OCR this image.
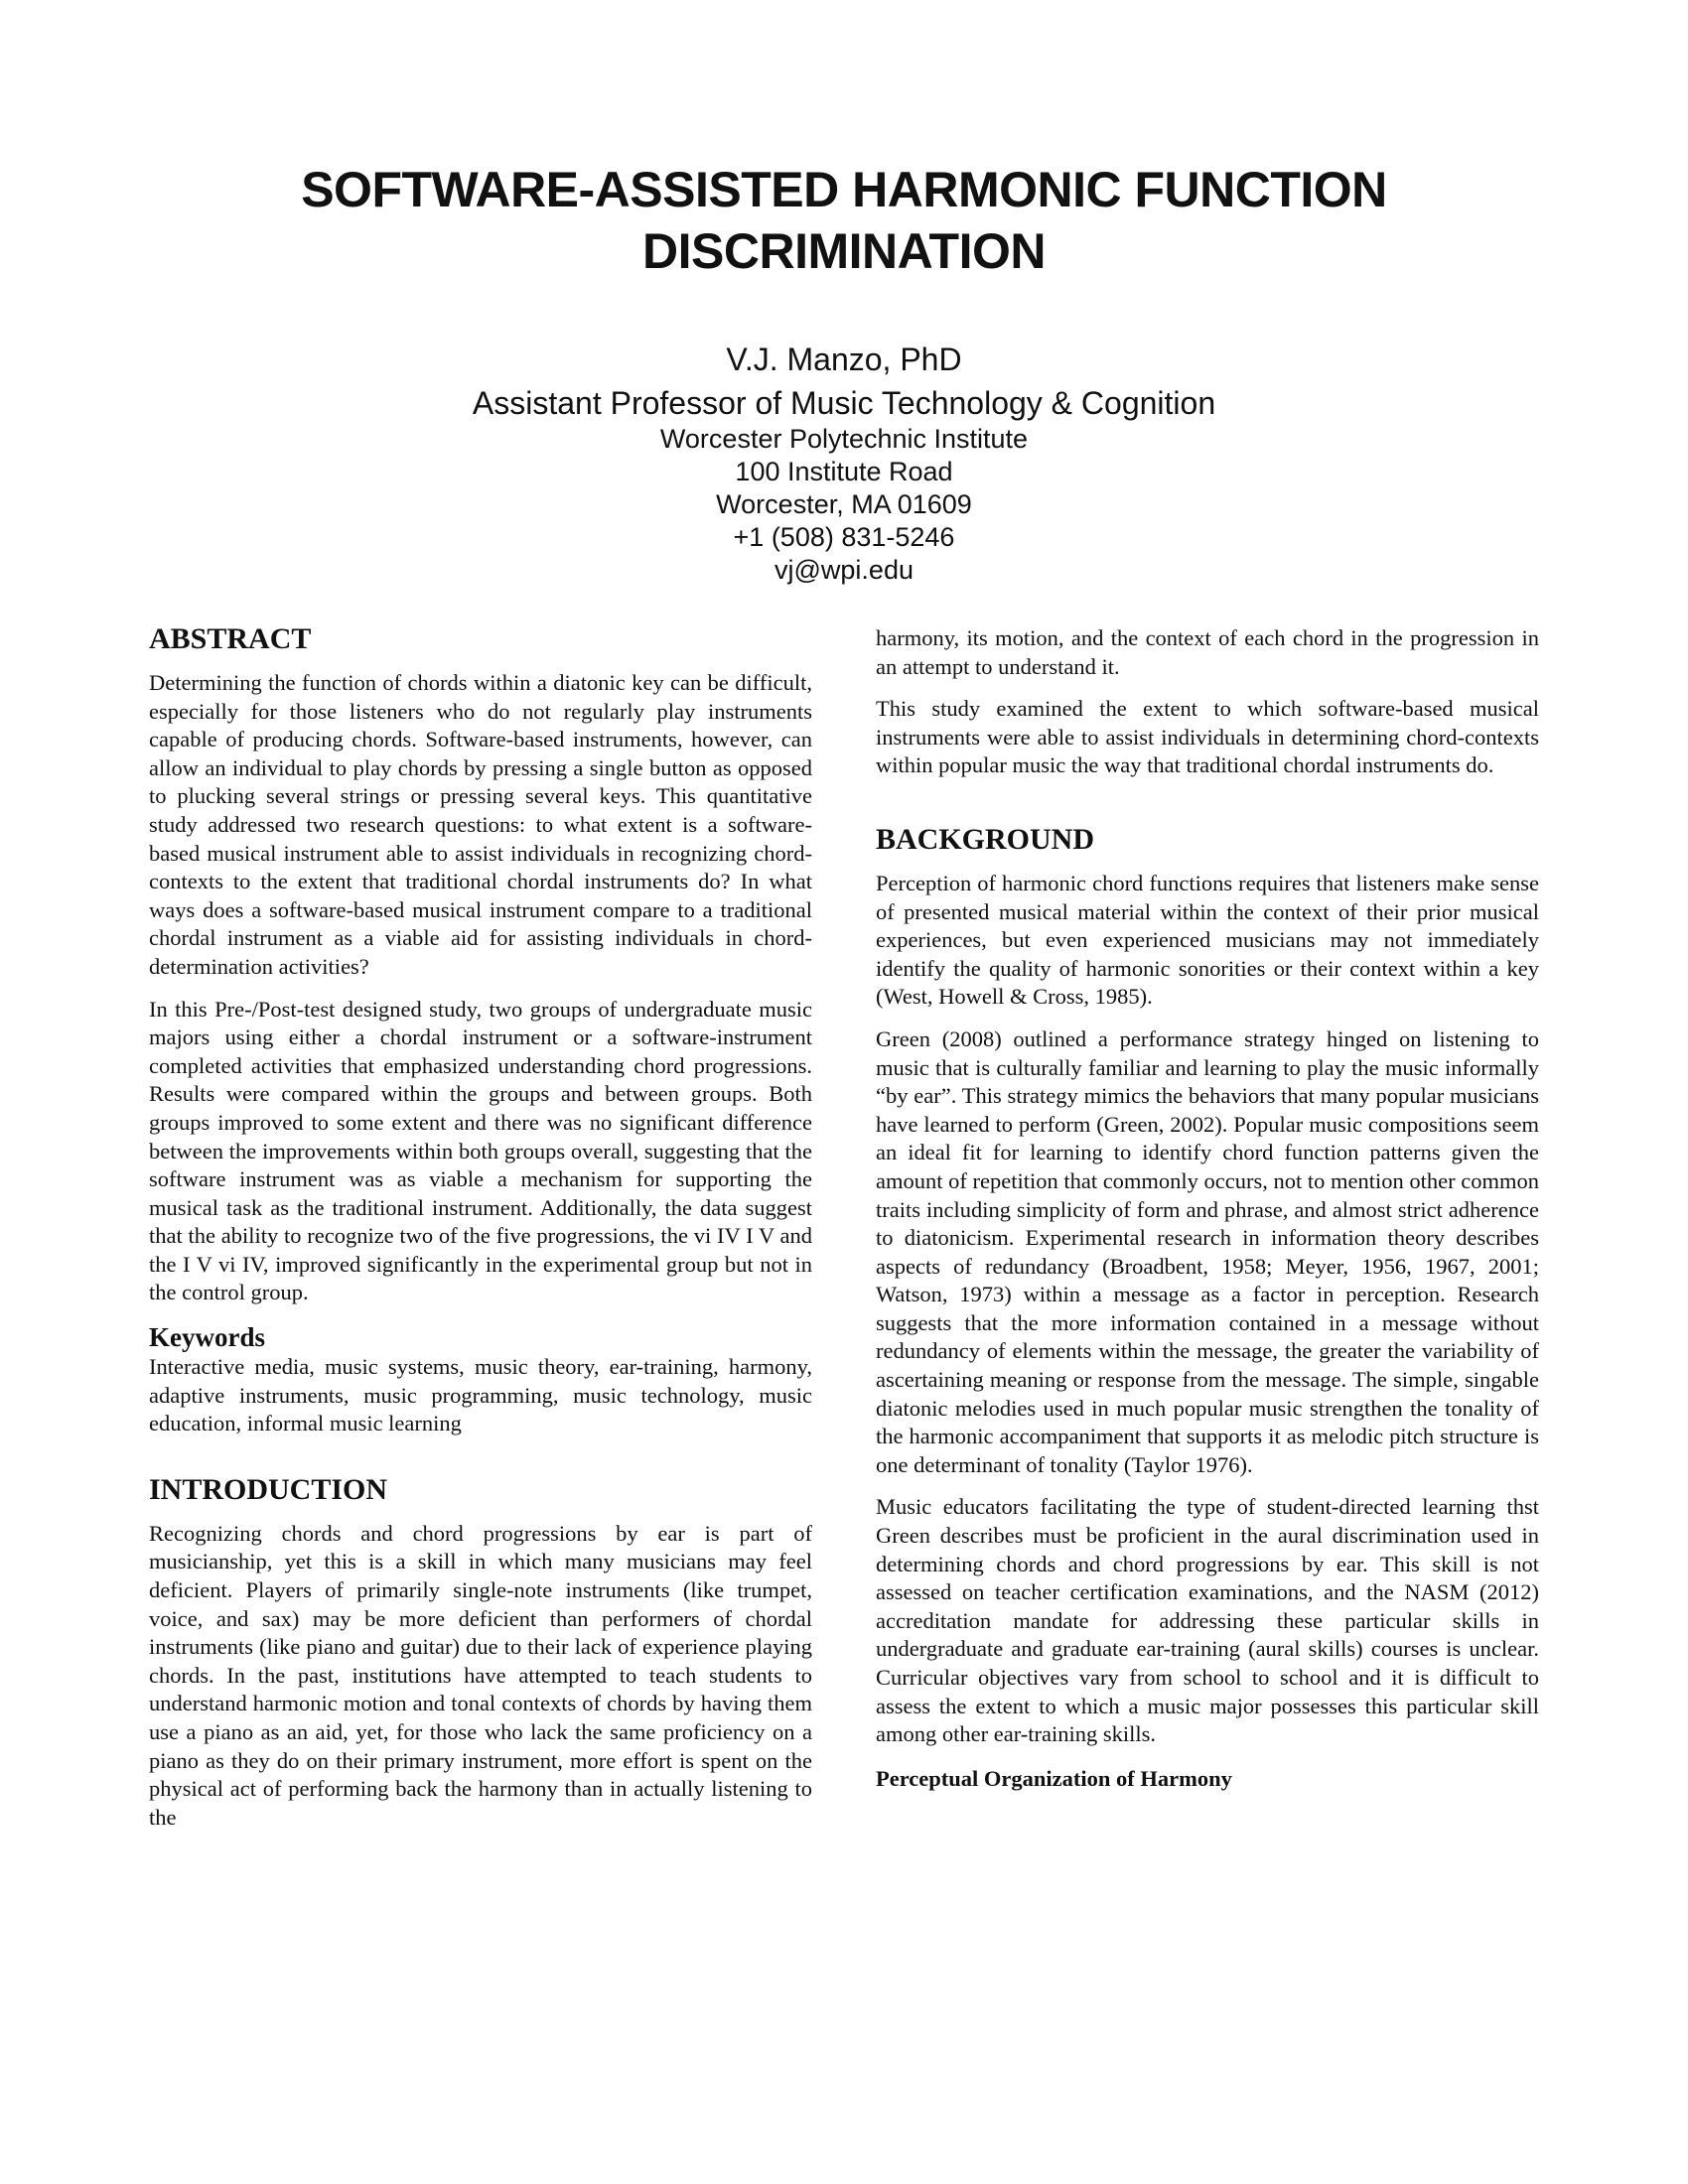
SOFTWARE-ASSISTED HARMONIC FUNCTION DISCRIMINATION
V.J. Manzo, PhD
Assistant Professor of Music Technology & Cognition
Worcester Polytechnic Institute
100 Institute Road
Worcester, MA 01609
+1 (508) 831-5246
vj@wpi.edu
ABSTRACT

Determining the function of chords within a diatonic key can be difficult, especially for those listeners who do not regularly play instruments capable of producing chords. Software-based instruments, however, can allow an individual to play chords by pressing a single button as opposed to plucking several strings or pressing several keys. This quantitative study addressed two research questions: to what extent is a software-based musical instrument able to assist individuals in recognizing chord-contexts to the extent that traditional chordal instruments do? In what ways does a software-based musical instrument compare to a traditional chordal instrument as a viable aid for assisting individuals in chord-determination activities?

In this Pre-/Post-test designed study, two groups of undergraduate music majors using either a chordal instrument or a software-instrument completed activities that emphasized understanding chord progressions. Results were compared within the groups and between groups. Both groups improved to some extent and there was no significant difference between the improvements within both groups overall, suggesting that the software instrument was as viable a mechanism for supporting the musical task as the traditional instrument. Additionally, the data suggest that the ability to recognize two of the five progressions, the vi IV I V and the I V vi IV, improved significantly in the experimental group but not in the control group.

Keywords

Interactive media, music systems, music theory, ear-training, harmony, adaptive instruments, music programming, music technology, music education, informal music learning

INTRODUCTION

Recognizing chords and chord progressions by ear is part of musicianship, yet this is a skill in which many musicians may feel deficient. Players of primarily single-note instruments (like trumpet, voice, and sax) may be more deficient than performers of chordal instruments (like piano and guitar) due to their lack of experience playing chords. In the past, institutions have attempted to teach students to understand harmonic motion and tonal contexts of chords by having them use a piano as an aid, yet, for those who lack the same proficiency on a piano as they do on their primary instrument, more effort is spent on the physical act of performing back the harmony than in actually listening to the

harmony, its motion, and the context of each chord in the progression in an attempt to understand it.

This study examined the extent to which software-based musical instruments were able to assist individuals in determining chord-contexts within popular music the way that traditional chordal instruments do.

BACKGROUND

Perception of harmonic chord functions requires that listeners make sense of presented musical material within the context of their prior musical experiences, but even experienced musicians may not immediately identify the quality of harmonic sonorities or their context within a key (West, Howell & Cross, 1985).

Green (2008) outlined a performance strategy hinged on listening to music that is culturally familiar and learning to play the music informally “by ear”. This strategy mimics the behaviors that many popular musicians have learned to perform (Green, 2002). Popular music compositions seem an ideal fit for learning to identify chord function patterns given the amount of repetition that commonly occurs, not to mention other common traits including simplicity of form and phrase, and almost strict adherence to diatonicism. Experimental research in information theory describes aspects of redundancy (Broadbent, 1958; Meyer, 1956, 1967, 2001; Watson, 1973) within a message as a factor in perception. Research suggests that the more information contained in a message without redundancy of elements within the message, the greater the variability of ascertaining meaning or response from the message. The simple, singable diatonic melodies used in much popular music strengthen the tonality of the harmonic accompaniment that supports it as melodic pitch structure is one determinant of tonality (Taylor 1976).

Music educators facilitating the type of student-directed learning thst Green describes must be proficient in the aural discrimination used in determining chords and chord progressions by ear. This skill is not assessed on teacher certification examinations, and the NASM (2012) accreditation mandate for addressing these particular skills in undergraduate and graduate ear-training (aural skills) courses is unclear. Curricular objectives vary from school to school and it is difficult to assess the extent to which a music major possesses this particular skill among other ear-training skills.

Perceptual Organization of Harmony
